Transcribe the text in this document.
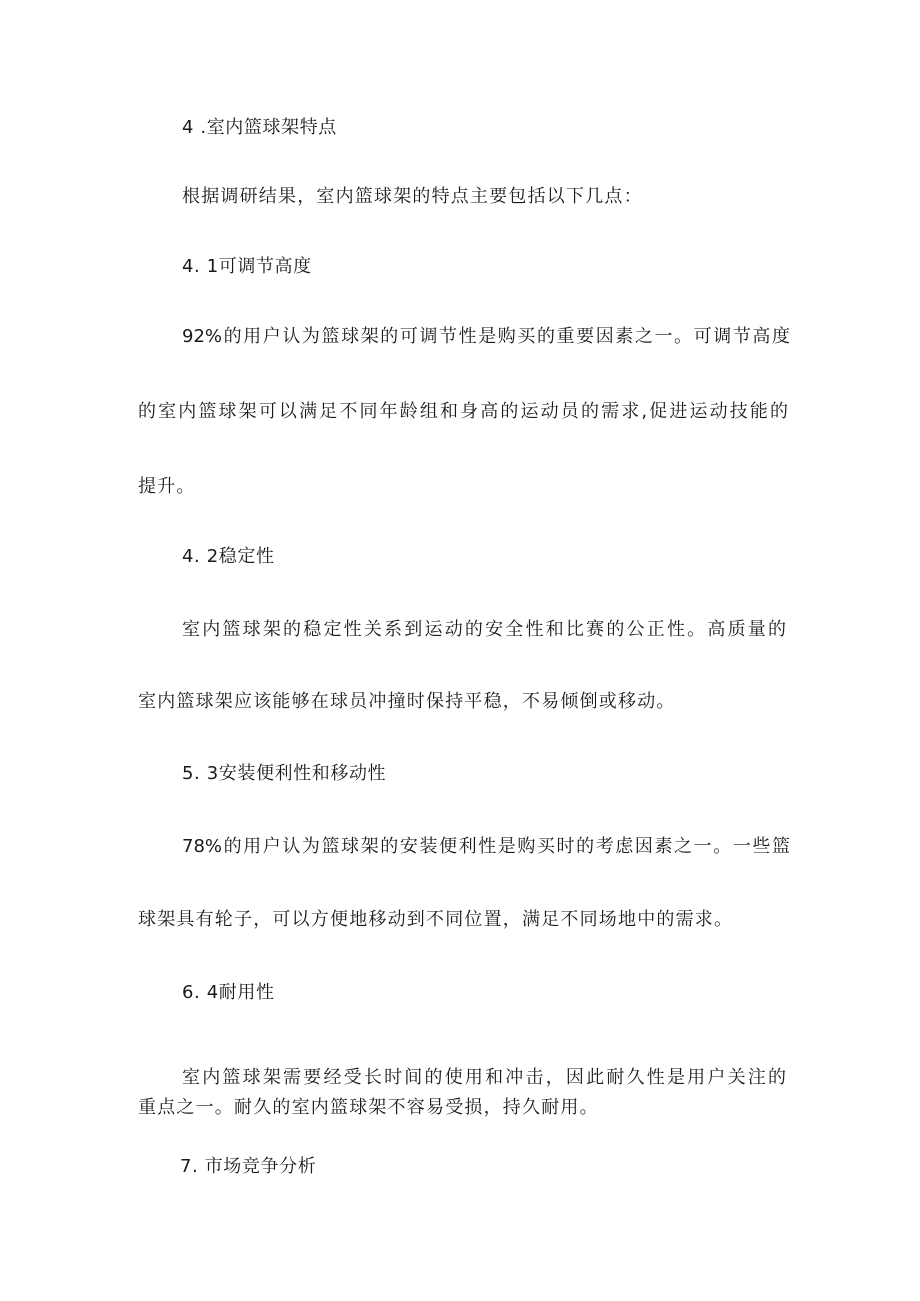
4 .室内篮球架特点
根据调研结果，室内篮球架的特点主要包括以下几点：
4. 1可调节高度
92%的用户认为篮球架的可调节性是购买的重要因素之一。可调节高度
的室内篮球架可以满足不同年龄组和身高的运动员的需求,促进运动技能的
提升。
4. 2稳定性
室内篮球架的稳定性关系到运动的安全性和比赛的公正性。高质量的
室内篮球架应该能够在球员冲撞时保持平稳，不易倾倒或移动。
5. 3安装便利性和移动性
78%的用户认为篮球架的安装便利性是购买时的考虑因素之一。一些篮
球架具有轮子，可以方便地移动到不同位置，满足不同场地中的需求。
6. 4耐用性
室内篮球架需要经受长时间的使用和冲击，因此耐久性是用户关注的
重点之一。耐久的室内篮球架不容易受损，持久耐用。
7. 市场竞争分析
